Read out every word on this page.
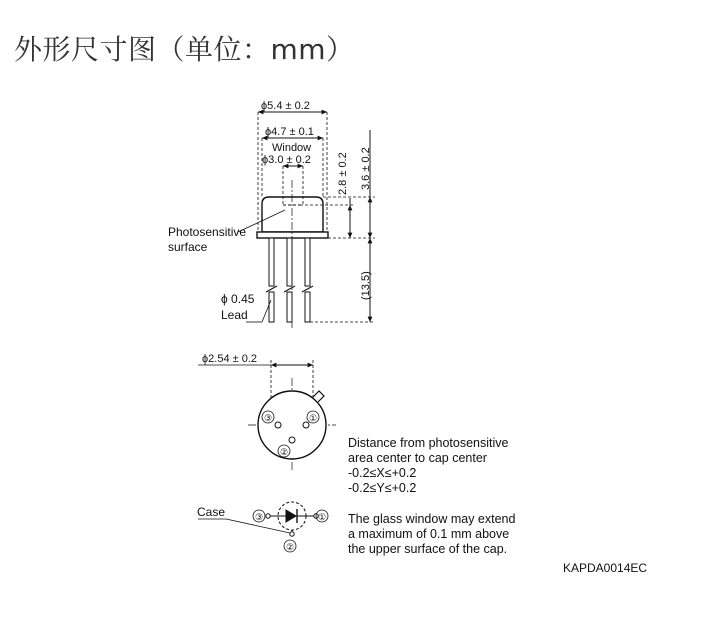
外形尺寸图（单位：mm）
ϕ5.4 ± 0.2
ϕ4.7 ± 0.1
Window
ϕ3.0 ± 0.2 2.8 ± 0.2 3.6 ± 0.2
(13.5)
Photosensitive
surface
ϕ 0.45
Lead
ϕ2.54 ± 0.2
①
③
②
Case	③	①
②
Distance from photosensitive
area center to cap center
-0.2≤X≤+0.2
-0.2≤Y≤+0.2
The glass window may extend
a maximum of 0.1 mm above
the upper surface of the cap.
KAPDA0014EC
